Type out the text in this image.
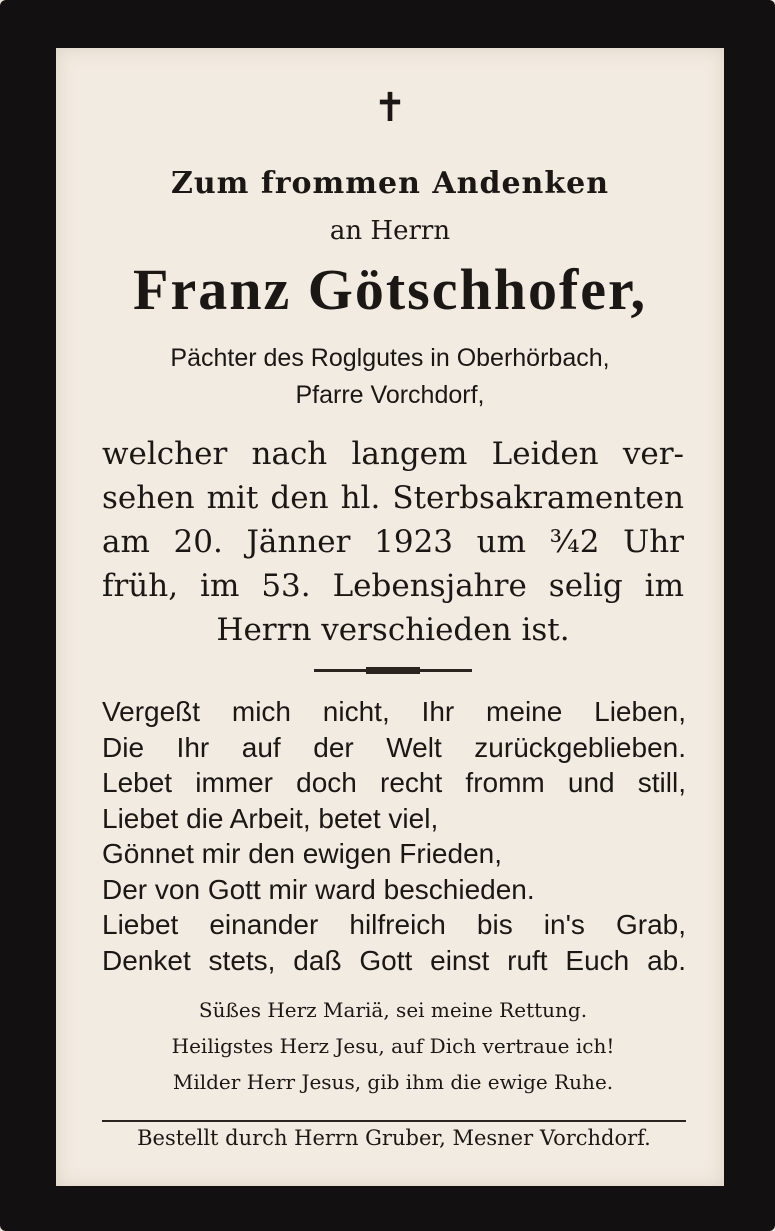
✝
Zum frommen Andenken
an Herrn
Franz Götschhofer,
Pächter des Roglgutes in Oberhörbach,
Pfarre Vorchdorf,
welcher nach langem Leiden ver-
sehen mit den hl. Sterbsakramenten
am 20. Jänner 1923 um ¾2 Uhr
früh, im 53. Lebensjahre selig im
Herrn verschieden ist.
Vergeßt mich nicht, Ihr meine Lieben,
Die Ihr auf der Welt zurückgeblieben.
Lebet immer doch recht fromm und still,
Liebet die Arbeit, betet viel,
Gönnet mir den ewigen Frieden,
Der von Gott mir ward beschieden.
Liebet einander hilfreich bis in's Grab,
Denket stets, daß Gott einst ruft Euch ab.
Süßes Herz Mariä, sei meine Rettung.
Heiligstes Herz Jesu, auf Dich vertraue ich!
Milder Herr Jesus, gib ihm die ewige Ruhe.
Bestellt durch Herrn Gruber, Mesner Vorchdorf.
